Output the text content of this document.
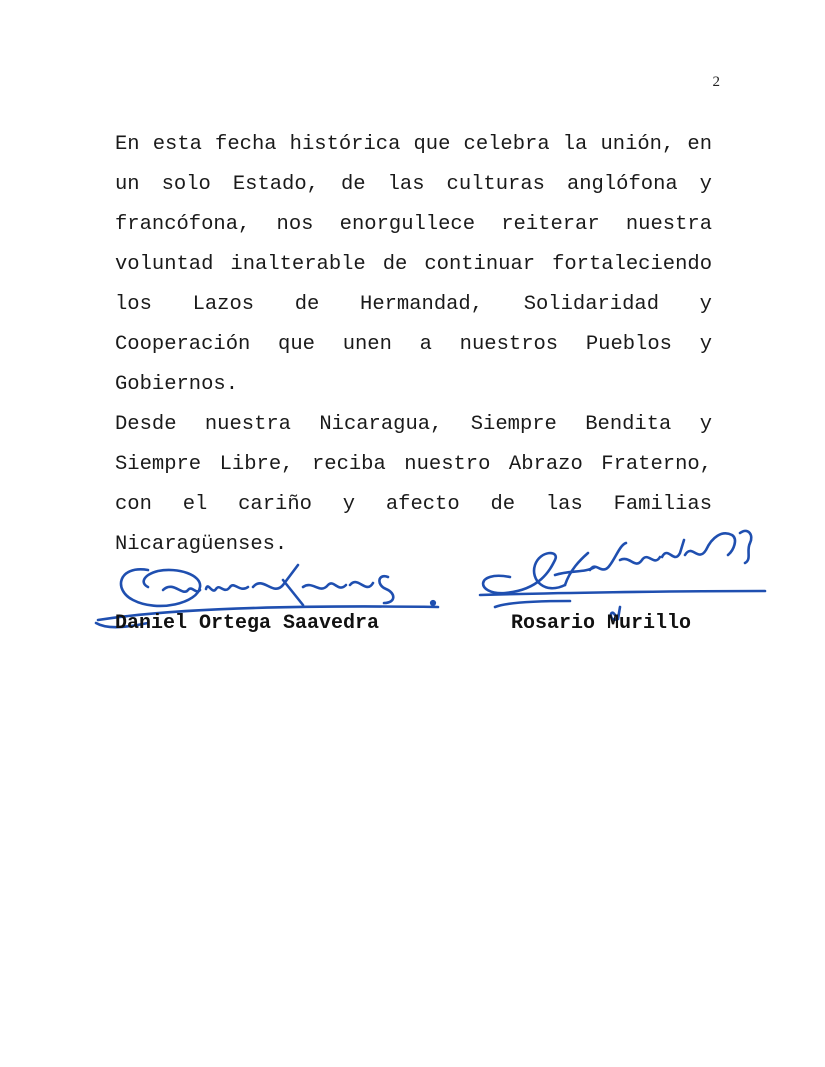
2

En esta fecha histórica que celebra la unión, en un solo Estado, de las culturas anglófona y francófona, nos enorgullece reiterar nuestra voluntad inalterable de continuar fortaleciendo los Lazos de Hermandad, Solidaridad y Cooperación que unen a nuestros Pueblos y Gobiernos.

Desde nuestra Nicaragua, Siempre Bendita y Siempre Libre, reciba nuestro Abrazo Fraterno, con el cariño y afecto de las Familias Nicaragüenses.

Daniel Ortega Saavedra	Rosario Murillo
